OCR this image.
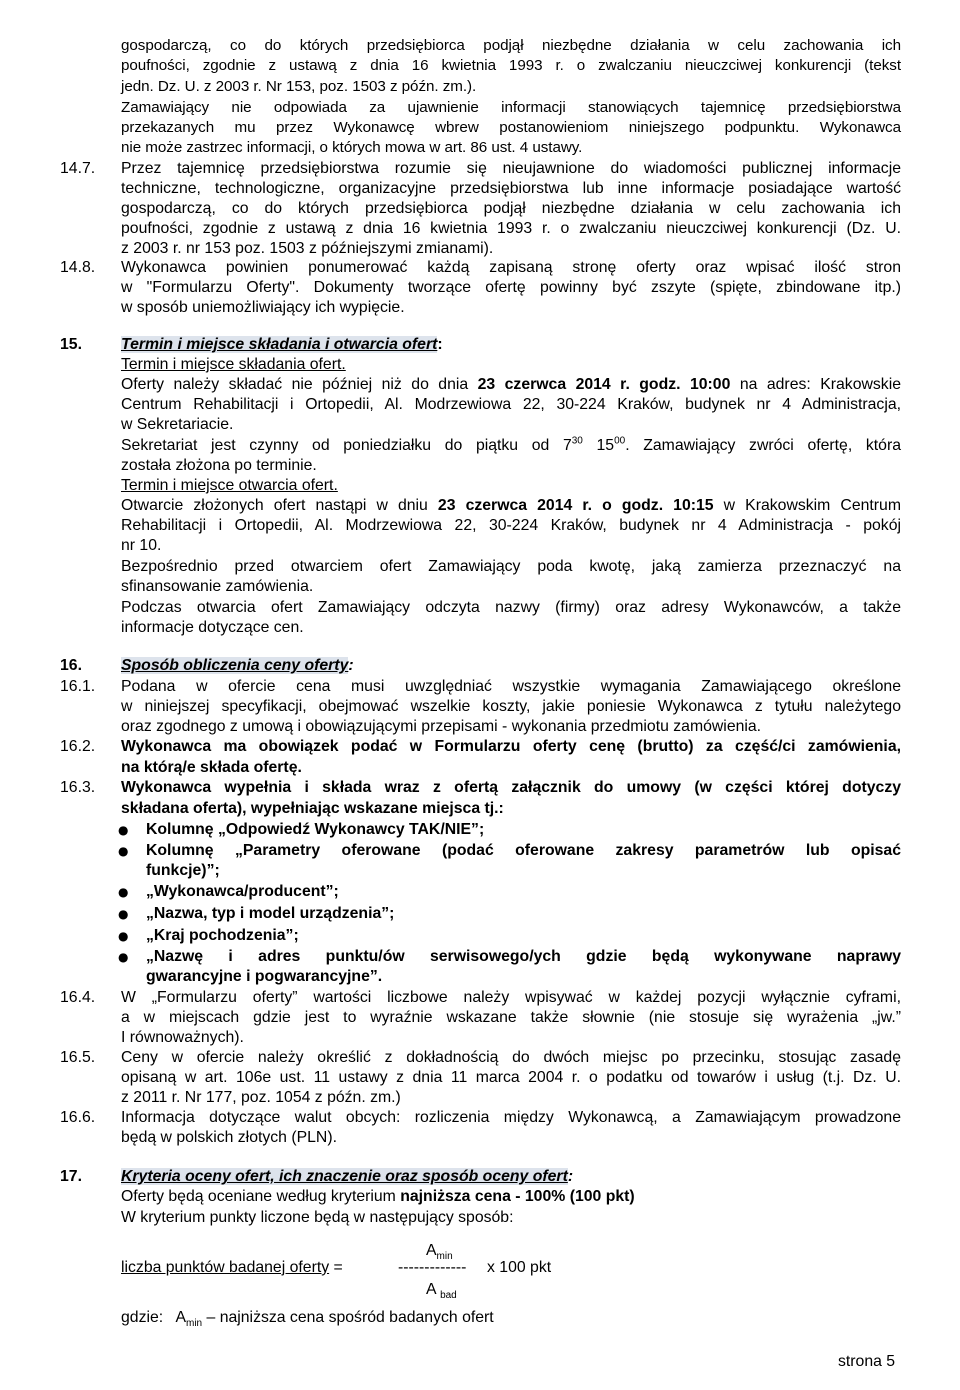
gospodarczą, co do których przedsiębiorca podjął niezbędne działania w celu zachowania ich
poufności, zgodnie z ustawą z dnia 16 kwietnia 1993 r. o zwalczaniu nieuczciwej konkurencji (tekst
jedn. Dz. U. z 2003 r. Nr 153, poz. 1503 z późn. zm.).
Zamawiający nie odpowiada za ujawnienie informacji stanowiących tajemnicę przedsiębiorstwa
przekazanych mu przez Wykonawcę wbrew postanowieniom niniejszego podpunktu. Wykonawca
nie może zastrzec informacji, o których mowa w art. 86 ust. 4 ustawy.
14.7. Przez tajemnicę przedsiębiorstwa rozumie się nieujawnione do wiadomości publicznej informacje
techniczne, technologiczne, organizacyjne przedsiębiorstwa lub inne informacje posiadające wartość
gospodarczą, co do których przedsiębiorca podjął niezbędne działania w celu zachowania ich
poufności, zgodnie z ustawą z dnia 16 kwietnia 1993 r. o zwalczaniu nieuczciwej konkurencji (Dz. U.
z 2003 r. nr 153 poz. 1503 z późniejszymi zmianami).
14.8. Wykonawca powinien ponumerować każdą zapisaną stronę oferty oraz wpisać ilość stron
w "Formularzu Oferty". Dokumenty tworzące ofertę powinny być zszyte (spięte, zbindowane itp.)
w sposób uniemożliwiający ich wypięcie.
15. Termin i miejsce składania i otwarcia ofert:
Termin i miejsce składania ofert.
Oferty należy składać nie później niż do dnia 23 czerwca 2014 r. godz. 10:00 na adres: Krakowskie
Centrum Rehabilitacji i Ortopedii, Al. Modrzewiowa 22, 30-224 Kraków, budynek nr 4 Administracja,
w Sekretariacie.
Sekretariat jest czynny od poniedziałku do piątku od $7^{30}$ $15^{00}$. Zamawiający zwróci ofertę, która
została złożona po terminie.
Termin i miejsce otwarcia ofert.
Otwarcie złożonych ofert nastąpi w dniu 23 czerwca 2014 r. o godz. 10:15 w Krakowskim Centrum
Rehabilitacji i Ortopedii, Al. Modrzewiowa 22, 30-224 Kraków, budynek nr 4 Administracja - pokój
nr 10.
Bezpośrednio przed otwarciem ofert Zamawiający poda kwotę, jaką zamierza przeznaczyć na
sfinansowanie zamówienia.
Podczas otwarcia ofert Zamawiający odczyta nazwy (firmy) oraz adresy Wykonawców, a także
informacje dotyczące cen.
16. Sposób obliczenia ceny oferty:
16.1. Podana w ofercie cena musi uwzględniać wszystkie wymagania Zamawiającego określone
w niniejszej specyfikacji, obejmować wszelkie koszty, jakie poniesie Wykonawca z tytułu należytego
oraz zgodnego z umową i obowiązującymi przepisami - wykonania przedmiotu zamówienia.
16.2. Wykonawca ma obowiązek podać w Formularzu oferty cenę (brutto) za część/ci zamówienia,
na którą/e składa ofertę.
16.3. Wykonawca wypełnia i składa wraz z ofertą załącznik do umowy (w części której dotyczy
składana oferta), wypełniając wskazane miejsca tj.:
● Kolumnę „Odpowiedź Wykonawcy TAK/NIE”;
● Kolumnę „Parametry oferowane (podać oferowane zakresy parametrów lub opisać
funkcje)”;
● „Wykonawca/producent”;
● „Nazwa, typ i model urządzenia”;
● „Kraj pochodzenia”;
● „Nazwę i adres punktu/ów serwisowego/ych gdzie będą wykonywane naprawy
gwarancyjne i pogwarancyjne”.
16.4. W „Formularzu oferty” wartości liczbowe należy wpisywać w każdej pozycji wyłącznie cyframi,
a w miejscach gdzie jest to wyraźnie wskazane także słownie (nie stosuje się wyrażenia „jw.”
I równoważnych).
16.5. Ceny w ofercie należy określić z dokładnością do dwóch miejsc po przecinku, stosując zasadę
opisaną w art. 106e ust. 11 ustawy z dnia 11 marca 2004 r. o podatku od towarów i usług (t.j. Dz. U.
z 2011 r. Nr 177, poz. 1054 z późn. zm.)
16.6. Informacja dotyczące walut obcych: rozliczenia między Wykonawcą, a Zamawiającym prowadzone
będą w polskich złotych (PLN).
17. Kryteria oceny ofert, ich znaczenie oraz sposób oceny ofert:
Oferty będą oceniane według kryterium najniższa cena - 100% (100 pkt)
W kryterium punkty liczone będą w następujący sposób:
$A_{min}$
liczba punktów badanej oferty =	------------- x 100 pkt
A $_{bad}$
gdzie:   $A_{min}$ – najniższa cena spośród badanych ofert
strona 5
